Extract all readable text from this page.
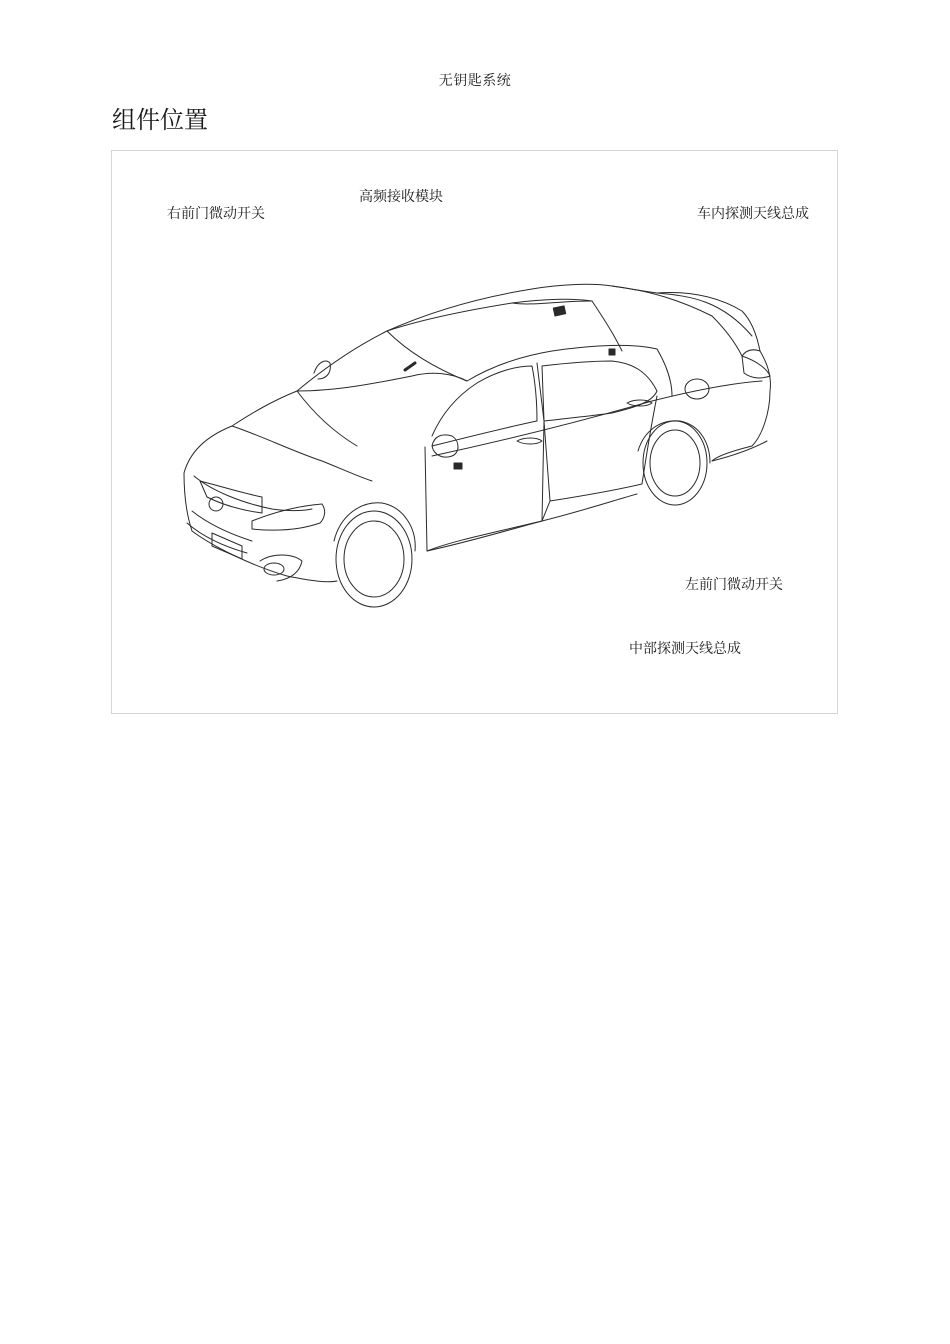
无钥匙系统
组件位置
右前门微动开关
高频接收模块
车内探测天线总成
左前门微动开关
中部探测天线总成
